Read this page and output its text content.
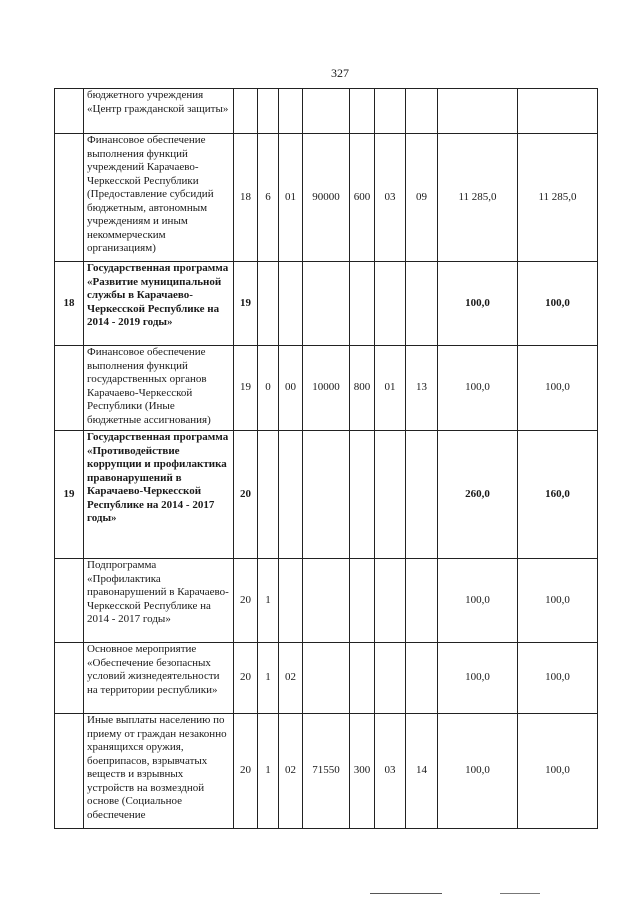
327
	бюджетного учреждения «Центр гражданской защиты»									
	Финансовое обеспечение выполнения функций учреждений Карачаево-Черкесской Республики (Предоставление субсидий бюджетным, автономным учреждениям и иным некоммерческим организациям)	18	6	01	90000	600	03	09	11 285,0	11 285,0
18	Государственная программа «Развитие муниципальной службы в Карачаево-Черкесской Республике на 2014 - 2019 годы»	19							100,0	100,0
	Финансовое обеспечение выполнения функций государственных органов Карачаево-Черкесской Республики (Иные бюджетные ассигнования)	19	0	00	10000	800	01	13	100,0	100,0
19	Государственная программа «Противодействие коррупции и профилактика правонарушений в Карачаево-Черкесской Республике на 2014 - 2017 годы»	20							260,0	160,0
	Подпрограмма «Профилактика правонарушений в Карачаево-Черкесской Республике на 2014 - 2017 годы»	20	1						100,0	100,0
	Основное мероприятие «Обеспечение безопасных условий жизнедеятельности на территории республики»	20	1	02					100,0	100,0
	Иные выплаты населению по приему от граждан незаконно хранящихся оружия, боеприпасов, взрывчатых веществ и взрывных устройств на возмездной основе (Социальное обеспечение	20	1	02	71550	300	03	14	100,0	100,0
